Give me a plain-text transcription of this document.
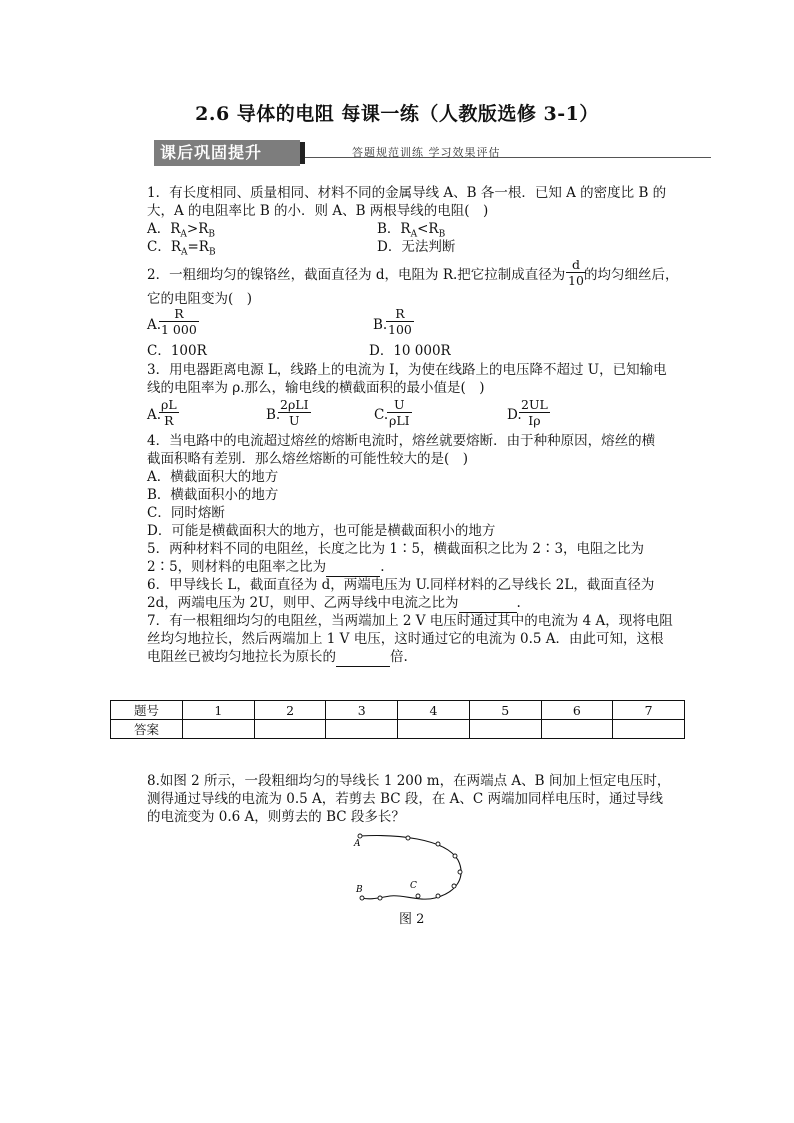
2.6 导体的电阻 每课一练（人教版选修 3-1）
课后巩固提升	答题规范训练 学习效果评估
1．有长度相同、质量相同、材料不同的金属导线 A、B 各一根．已知 A 的密度比 B 的
大，A 的电阻率比 B 的小．则 A、B 两根导线的电阻(　)
A．$R_A>R_B$	B．$R_A<R_B$
C．$R_A=R_B$	D．无法判断
2．一粗细均匀的镍铬丝，截面直径为 d，电阻为 R.把它拉制成直径为 $\frac{d}{10}$
的均匀细丝后，
它的电阻变为(　)
A.
$\frac{R}{1 000}$	B.
$\frac{R}{100}$
C．100R	D．10 000R
3．用电器距离电源 L，线路上的电流为 I，为使在线路上的电压降不超过 U，已知输电
线的电阻率为 ρ.那么，输电线的横截面积的最小值是(　)
A.
$\frac{\rho L}{R}$	B.
2ρLI
U	C.
U
ρLI	D.
$\frac{2UL}{I\rho}$
4．当电路中的电流超过熔丝的熔断电流时，熔丝就要熔断．由于种种原因，熔丝的横
截面积略有差别．那么熔丝熔断的可能性较大的是(　)
A．横截面积大的地方
B．横截面积小的地方
C．同时熔断
D．可能是横截面积大的地方，也可能是横截面积小的地方
5．两种材料不同的电阻丝，长度之比为 1∶5，横截面积之比为 2∶3，电阻之比为
2∶5，则材料的电阻率之比为	.
6．甲导线长 L，截面直径为 d，两端电压为 U.同样材料的乙导线长 2L，截面直径为
2d，两端电压为 2U，则甲、乙两导线中电流之比为	.
7．有一根粗细均匀的电阻丝，当两端加上 2 V 电压时通过其中的电流为 4 A，现将电阻
丝均匀地拉长，然后两端加上 1 V 电压，这时通过它的电流为 0.5 A．由此可知，这根
电阻丝已被均匀地拉长为原长的	倍.
题号	1	2	3	4	5	6	7
答案							
8.如图 2 所示，一段粗细均匀的导线长 1 200 m，在两端点 A、B 间加上恒定电压时，
测得通过导线的电流为 0.5 A，若剪去 BC 段，在 A、C 两端加同样电压时，通过导线
的电流变为 0.6 A，则剪去的 BC 段多长？
A
B	C
图 2
